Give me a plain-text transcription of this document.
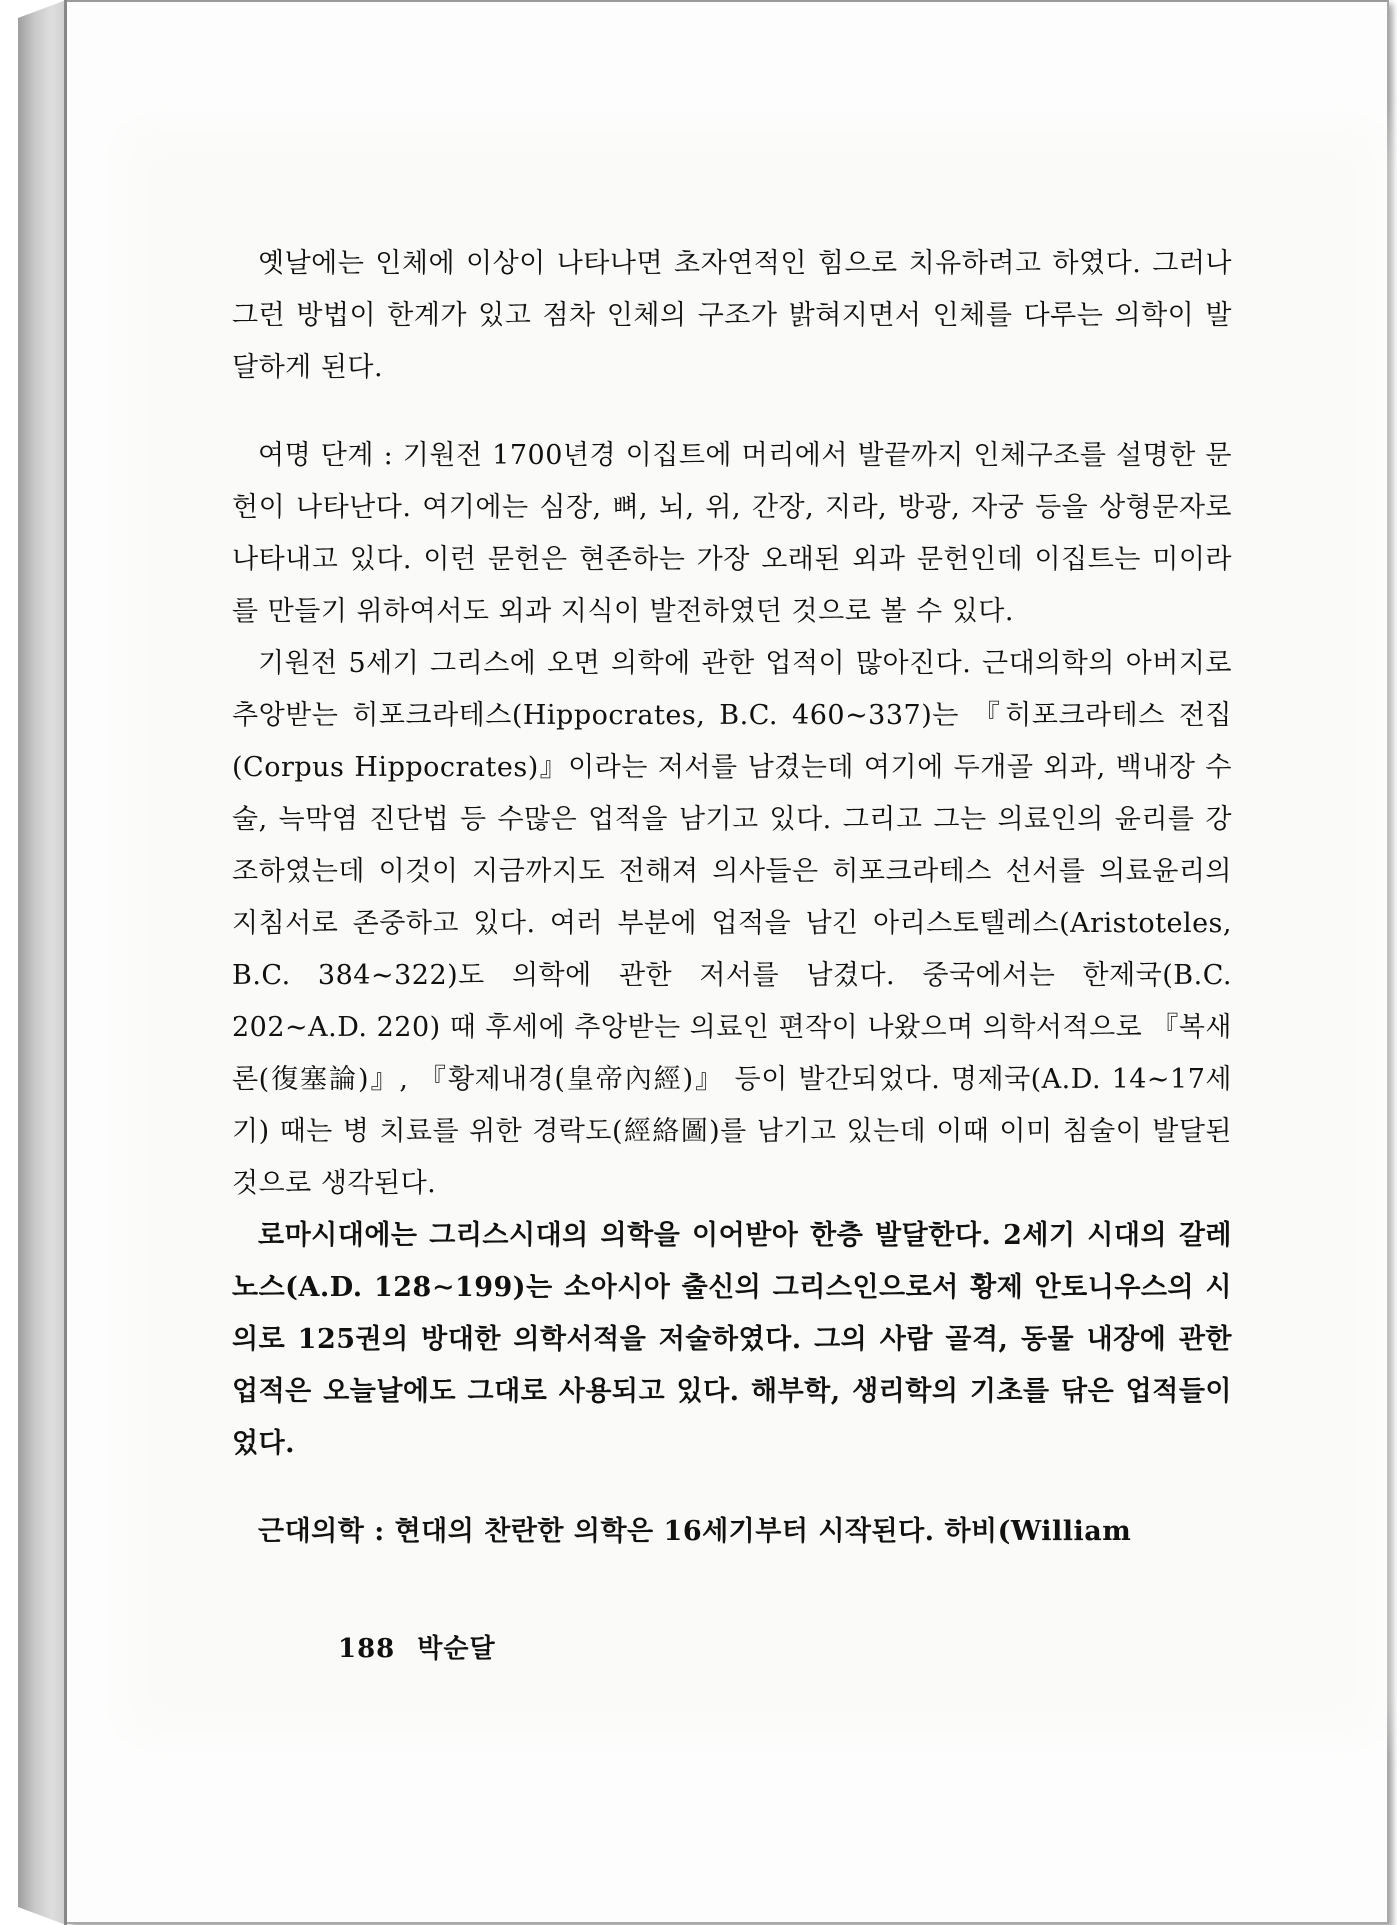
옛날에는 인체에 이상이 나타나면 초자연적인 힘으로 치유하려고 하였다. 그러나 그런 방법이 한계가 있고 점차 인체의 구조가 밝혀지면서 인체를 다루는 의학이 발달하게 된다.

여명 단계 : 기원전 1700년경 이집트에 머리에서 발끝까지 인체구조를 설명한 문헌이 나타난다. 여기에는 심장, 뼈, 뇌, 위, 간장, 지라, 방광, 자궁 등을 상형문자로 나타내고 있다. 이런 문헌은 현존하는 가장 오래된 외과 문헌인데 이집트는 미이라를 만들기 위하여서도 외과 지식이 발전하였던 것으로 볼 수 있다.

기원전 5세기 그리스에 오면 의학에 관한 업적이 많아진다. 근대의학의 아버지로 추앙받는 히포크라테스(Hippocrates, B.C. 460∼337)는 『히포크라테스 전집(Corpus Hippocrates)』이라는 저서를 남겼는데 여기에 두개골 외과, 백내장 수술, 늑막염 진단법 등 수많은 업적을 남기고 있다. 그리고 그는 의료인의 윤리를 강조하였는데 이것이 지금까지도 전해져 의사들은 히포크라테스 선서를 의료윤리의 지침서로 존중하고 있다. 여러 부분에 업적을 남긴 아리스토텔레스(Aristoteles, B.C. 384∼322)도 의학에 관한 저서를 남겼다. 중국에서는 한제국(B.C. 202∼A.D. 220) 때 후세에 추앙받는 의료인 편작이 나왔으며 의학서적으로 『복새론(復塞論)』, 『황제내경(皇帝內經)』 등이 발간되었다. 명제국(A.D. 14∼17세기) 때는 병 치료를 위한 경락도(經絡圖)를 남기고 있는데 이때 이미 침술이 발달된 것으로 생각된다.

로마시대에는 그리스시대의 의학을 이어받아 한층 발달한다. 2세기 시대의 갈레노스(A.D. 128∼199)는 소아시아 출신의 그리스인으로서 황제 안토니우스의 시의로 125권의 방대한 의학서적을 저술하였다. 그의 사람 골격, 동물 내장에 관한 업적은 오늘날에도 그대로 사용되고 있다. 해부학, 생리학의 기초를 닦은 업적들이었다.

근대의학 : 현대의 찬란한 의학은 16세기부터 시작된다. 하비(William

188 박순달
